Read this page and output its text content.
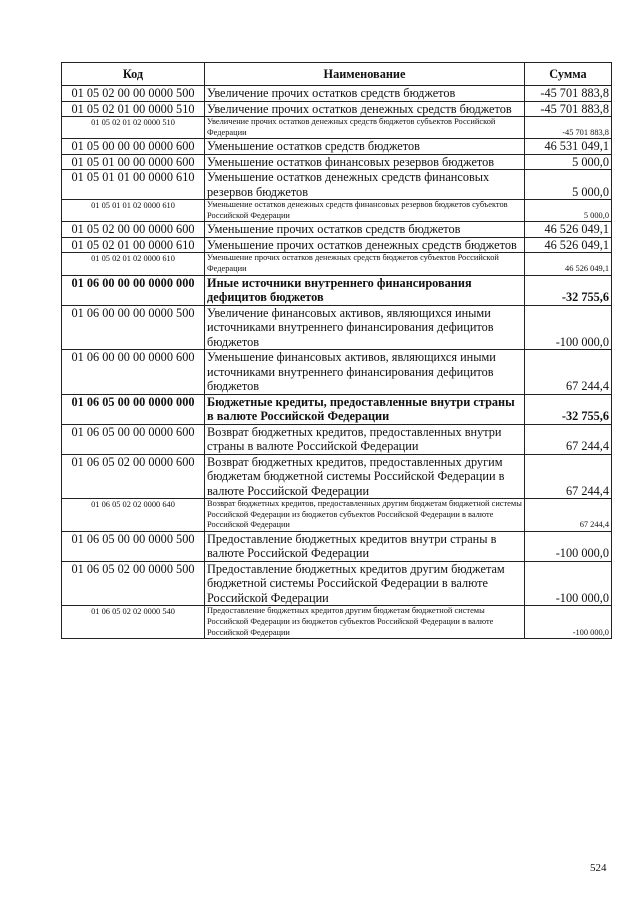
Код	Наименование	Сумма
01 05 02 00 00 0000 500	Увеличение прочих остатков средств бюджетов	-45 701 883,8
01 05 02 01 00 0000 510	Увеличение прочих остатков денежных средств бюджетов	-45 701 883,8
01 05 02 01 02 0000 510	Увеличение прочих остатков денежных средств бюджетов субъектов Российской Федерации	-45 701 883,8
01 05 00 00 00 0000 600	Уменьшение остатков средств бюджетов	46 531 049,1
01 05 01 00 00 0000 600	Уменьшение остатков финансовых резервов бюджетов	5 000,0
01 05 01 01 00 0000 610	Уменьшение остатков денежных средств финансовых резервов бюджетов	5 000,0
01 05 01 01 02 0000 610	Уменьшение остатков денежных средств финансовых резервов бюджетов субъектов Российской Федерации	5 000,0
01 05 02 00 00 0000 600	Уменьшение прочих остатков средств бюджетов	46 526 049,1
01 05 02 01 00 0000 610	Уменьшение прочих остатков денежных средств бюджетов	46 526 049,1
01 05 02 01 02 0000 610	Уменьшение прочих остатков денежных средств бюджетов субъектов Российской Федерации	46 526 049,1
01 06 00 00 00 0000 000	Иные источники внутреннего финансирования дефицитов бюджетов	-32 755,6
01 06 00 00 00 0000 500	Увеличение финансовых активов, являющихся иными источниками внутреннего финансирования дефицитов бюджетов	-100 000,0
01 06 00 00 00 0000 600	Уменьшение финансовых активов, являющихся иными источниками внутреннего финансирования дефицитов бюджетов	67 244,4
01 06 05 00 00 0000 000	Бюджетные кредиты, предоставленные внутри страны в валюте Российской Федерации	-32 755,6
01 06 05 00 00 0000 600	Возврат бюджетных кредитов, предоставленных внутри страны в валюте Российской Федерации	67 244,4
01 06 05 02 00 0000 600	Возврат бюджетных кредитов, предоставленных другим бюджетам бюджетной системы Российской Федерации в валюте Российской Федерации	67 244,4
01 06 05 02 02 0000 640	Возврат бюджетных кредитов, предоставленных другим бюджетам бюджетной системы Российской Федерации из бюджетов субъектов Российской Федерации в валюте Российской Федерации	67 244,4
01 06 05 00 00 0000 500	Предоставление бюджетных кредитов внутри страны в валюте Российской Федерации	-100 000,0
01 06 05 02 00 0000 500	Предоставление бюджетных кредитов другим бюджетам бюджетной системы Российской Федерации в валюте Российской Федерации	-100 000,0
01 06 05 02 02 0000 540	Предоставление бюджетных кредитов другим бюджетам бюджетной системы Российской Федерации из бюджетов субъектов Российской Федерации в валюте Российской Федерации	-100 000,0
524
